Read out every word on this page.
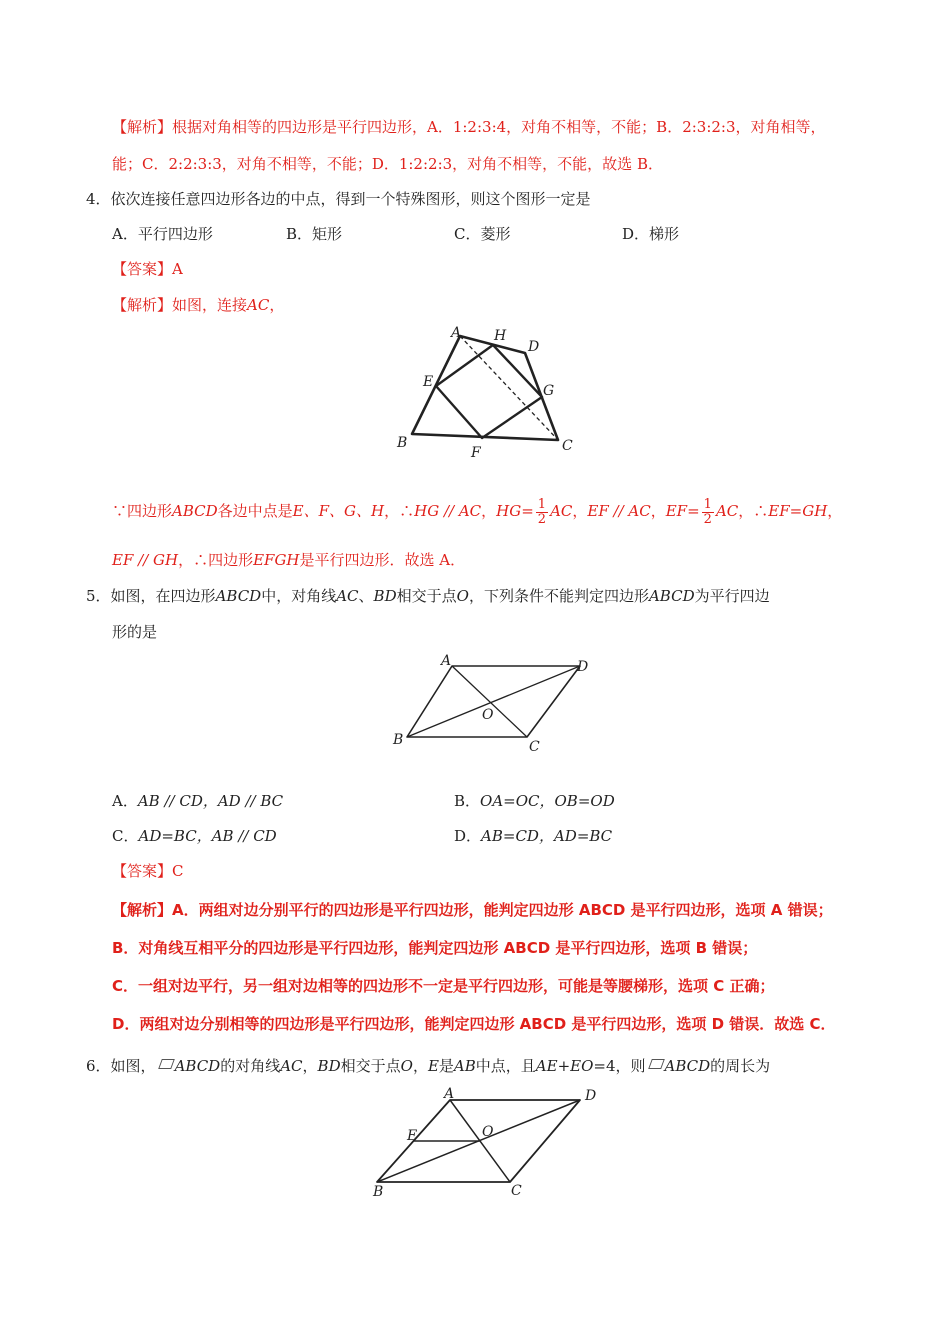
【解析】根据对角相等的四边形是平行四边形，A．1:2:3:4，对角不相等，不能；B．2:3:2:3，对角相等，
能；C．2:2:3:3，对角不相等，不能；D．1:2:2:3，对角不相等，不能，故选 B．
4．依次连接任意四边形各边的中点，得到一个特殊图形，则这个图形一定是
A．平行四边形	B．矩形	C．菱形	D．梯形
【答案】A
【解析】如图，连接AC，
A H
D
E
G
B
F	C
∵四边形ABCD各边中点是E、F、G、H，∴HG // AC，$HG= \frac{1}{2}$ AC，EF // AC，$EF= \frac{1}{2}$ AC，∴EF=GH，
EF // GH，∴四边形EFGH是平行四边形．故选 A．
5．如图，在四边形ABCD中，对角线AC、BD相交于点O，下列条件不能判定四边形ABCD为平行四边
形的是
A	D
O
B	C
A．AB // CD，AD // BC	B．OA=OC，OB=OD
C．AD=BC，AB // CD	D．AB=CD，AD=BC
【答案】C
【解析】A．两组对边分别平行的四边形是平行四边形，能判定四边形 ABCD 是平行四边形，选项 A 错误；
B．对角线互相平分的四边形是平行四边形，能判定四边形 ABCD 是平行四边形，选项 B 错误；
C．一组对边平行，另一组对边相等的四边形不一定是平行四边形，可能是等腰梯形，选项 C 正确；
D．两组对边分别相等的四边形是平行四边形，能判定四边形 ABCD 是平行四边形，选项 D 错误．故选 C．
6．如图， ABCD的对角线AC，BD相交于点O，E是AB中点，且AE+EO=4，则 ABCD的周长为
A	D
E	O
B	C
